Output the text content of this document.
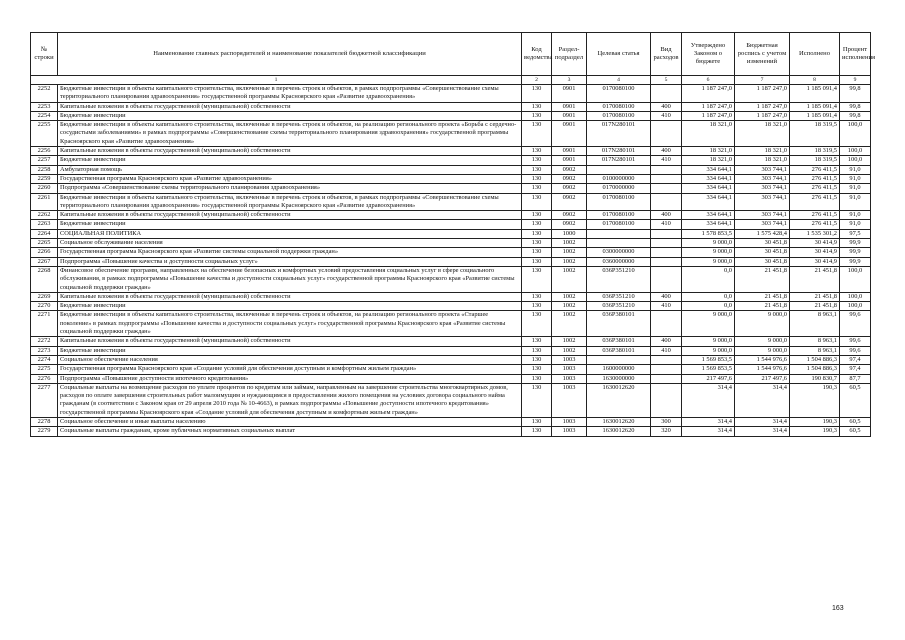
№ строки	Наименование главных распорядителей и наименование показателей бюджетной классификации	Код ведомства	Раздел-подраздел	Целевая статья	Вид расходов	Утверждено Законом о бюджете	Бюджетная роспись с учетом изменений	Исполнено	Процент исполнения
1		2	3	4	5	6	7	8	9
2252	Бюджетные инвестиции в объекты капитального строительства, включенные в перечень строек и объектов, в рамках подпрограммы «Совершенствование схемы территориального планирования здравоохранения» государственной программы Красноярского края «Развитие здравоохранения»	130	0901	0170080100		1 187 247,0	1 187 247,0	1 185 091,4	99,8
2253	Капитальные вложения в объекты государственной (муниципальной) собственности	130	0901	0170080100	400	1 187 247,0	1 187 247,0	1 185 091,4	99,8
2254	Бюджетные инвестиции	130	0901	0170080100	410	1 187 247,0	1 187 247,0	1 185 091,4	99,8
2255	Бюджетные инвестиции в объекты капитального строительства, включенные в перечень строек и объектов, на реализацию регионального проекта «Борьба с сердечно-сосудистыми заболеваниями» в рамках подпрограммы «Совершенствование схемы территориального планирования здравоохранения» государственной программы Красноярского края «Развитие здравоохранения»	130	0901	017N280101		18 321,0	18 321,0	18 319,5	100,0
2256	Капитальные вложения в объекты государственной (муниципальной) собственности	130	0901	017N280101	400	18 321,0	18 321,0	18 319,5	100,0
2257	Бюджетные инвестиции	130	0901	017N280101	410	18 321,0	18 321,0	18 319,5	100,0
2258	Амбулаторная помощь	130	0902			334 644,1	303 744,1	276 411,5	91,0
2259	Государственная программа Красноярского края «Развитие здравоохранения»	130	0902	0100000000		334 644,1	303 744,1	276 411,5	91,0
2260	Подпрограмма «Совершенствование схемы территориального планирования здравоохранения»	130	0902	0170000000		334 644,1	303 744,1	276 411,5	91,0
2261	Бюджетные инвестиции в объекты капитального строительства, включенные в перечень строек и объектов, в рамках подпрограммы «Совершенствование схемы территориального планирования здравоохранения» государственной программы Красноярского края «Развитие здравоохранения»	130	0902	0170080100		334 644,1	303 744,1	276 411,5	91,0
2262	Капитальные вложения в объекты государственной (муниципальной) собственности	130	0902	0170080100	400	334 644,1	303 744,1	276 411,5	91,0
2263	Бюджетные инвестиции	130	0902	0170080100	410	334 644,1	303 744,1	276 411,5	91,0
2264	СОЦИАЛЬНАЯ ПОЛИТИКА	130	1000			1 578 853,5	1 575 428,4	1 535 301,2	97,5
2265	Социальное обслуживание населения	130	1002			9 000,0	30 451,8	30 414,9	99,9
2266	Государственная программа Красноярского края «Развитие системы социальной поддержки граждан»	130	1002	0300000000		9 000,0	30 451,8	30 414,9	99,9
2267	Подпрограмма «Повышение качества и доступности социальных услуг»	130	1002	0360000000		9 000,0	30 451,8	30 414,9	99,9
2268	Финансовое обеспечение программ, направленных на обеспечение безопасных и комфортных условий предоставления социальных услуг в сфере социального обслуживания, в рамках подпрограммы «Повышение качества и доступности социальных услуг» государственной программы Красноярского края «Развитие системы социальной поддержки граждан»	130	1002	036P351210		0,0	21 451,8	21 451,8	100,0
2269	Капитальные вложения в объекты государственной (муниципальной) собственности	130	1002	036P351210	400	0,0	21 451,8	21 451,8	100,0
2270	Бюджетные инвестиции	130	1002	036P351210	410	0,0	21 451,8	21 451,8	100,0
2271	Бюджетные инвестиции в объекты капитального строительства, включенные в перечень строек и объектов, на реализацию регионального проекта «Старшее поколение» в рамках подпрограммы «Повышение качества и доступности социальных услуг» государственной программы Красноярского края «Развитие системы социальной поддержки граждан»	130	1002	036P380101		9 000,0	9 000,0	8 963,1	99,6
2272	Капитальные вложения в объекты государственной (муниципальной) собственности	130	1002	036P380101	400	9 000,0	9 000,0	8 963,1	99,6
2273	Бюджетные инвестиции	130	1002	036P380101	410	9 000,0	9 000,0	8 963,1	99,6
2274	Социальное обеспечение населения	130	1003			1 569 853,5	1 544 976,6	1 504 886,3	97,4
2275	Государственная программа Красноярского края «Создание условий для обеспечения доступным и комфортным жильем граждан»	130	1003	1600000000		1 569 853,5	1 544 976,6	1 504 886,3	97,4
2276	Подпрограмма «Повышение доступности ипотечного кредитования»	130	1003	1630000000		217 497,6	217 497,6	190 830,7	87,7
2277	Социальные выплаты на возмещение расходов по уплате процентов по кредитам или займам, направленным на завершение строительства многоквартирных домов, расходов по оплате завершения строительных работ малоимущим и нуждающимся в предоставлении жилого помещения на условиях договора социального найма гражданам (в соответствии с Законом края от 29 апреля 2010 года № 10-4663), в рамках подпрограммы «Повышение доступности ипотечного кредитования» государственной программы Красноярского края «Создание условий для обеспечения доступным и комфортным жильем граждан»	130	1003	1630012620		314,4	314,4	190,3	60,5
2278	Социальное обеспечение и иные выплаты населению	130	1003	1630012620	300	314,4	314,4	190,3	60,5
2279	Социальные выплаты гражданам, кроме публичных нормативных социальных выплат	130	1003	1630012620	320	314,4	314,4	190,3	60,5
163
